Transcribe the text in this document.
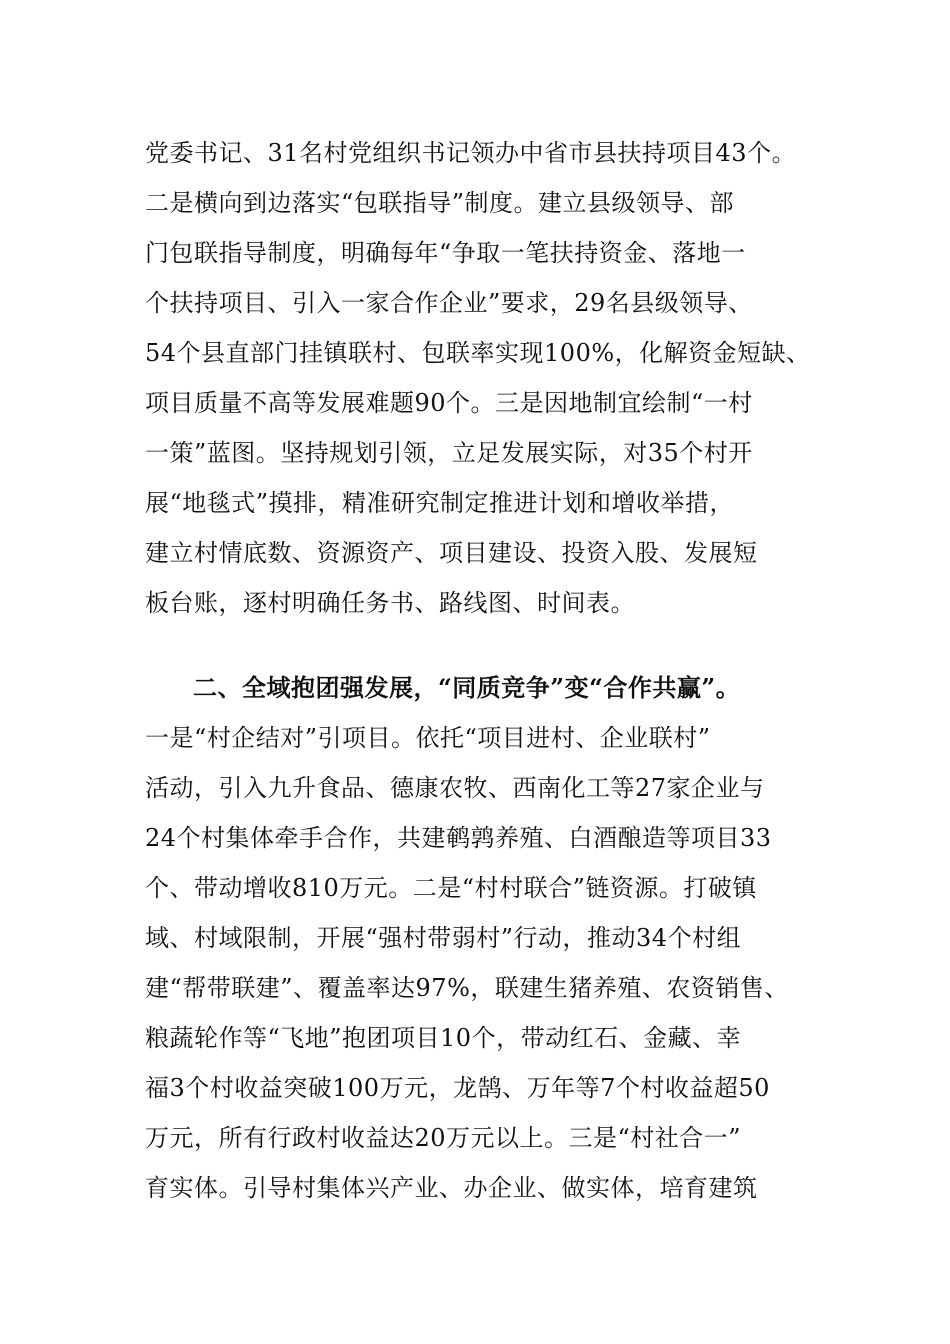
党委书记、31名村党组织书记领办中省市县扶持项目43个。
二是横向到边落实“包联指导”制度。建立县级领导、部
门包联指导制度，明确每年“争取一笔扶持资金、落地一
个扶持项目、引入一家合作企业”要求，29名县级领导、
54个县直部门挂镇联村、包联率实现100%，化解资金短缺、
项目质量不高等发展难题90个。三是因地制宜绘制“一村
一策”蓝图。坚持规划引领，立足发展实际，对35个村开
展“地毯式”摸排，精准研究制定推进计划和增收举措，
建立村情底数、资源资产、项目建设、投资入股、发展短
板台账，逐村明确任务书、路线图、时间表。
二、全域抱团强发展，“同质竞争”变“合作共赢”。
一是“村企结对”引项目。依托“项目进村、企业联村”
活动，引入九升食品、德康农牧、西南化工等27家企业与
24个村集体牵手合作，共建鹌鹑养殖、白酒酿造等项目33
个、带动增收810万元。二是“村村联合”链资源。打破镇
域、村域限制，开展“强村带弱村”行动，推动34个村组
建“帮带联建”、覆盖率达97%，联建生猪养殖、农资销售、
粮蔬轮作等“飞地”抱团项目10个，带动红石、金藏、幸
福3个村收益突破100万元，龙鹄、万年等7个村收益超50
万元，所有行政村收益达20万元以上。三是“村社合一”
育实体。引导村集体兴产业、办企业、做实体，培育建筑
